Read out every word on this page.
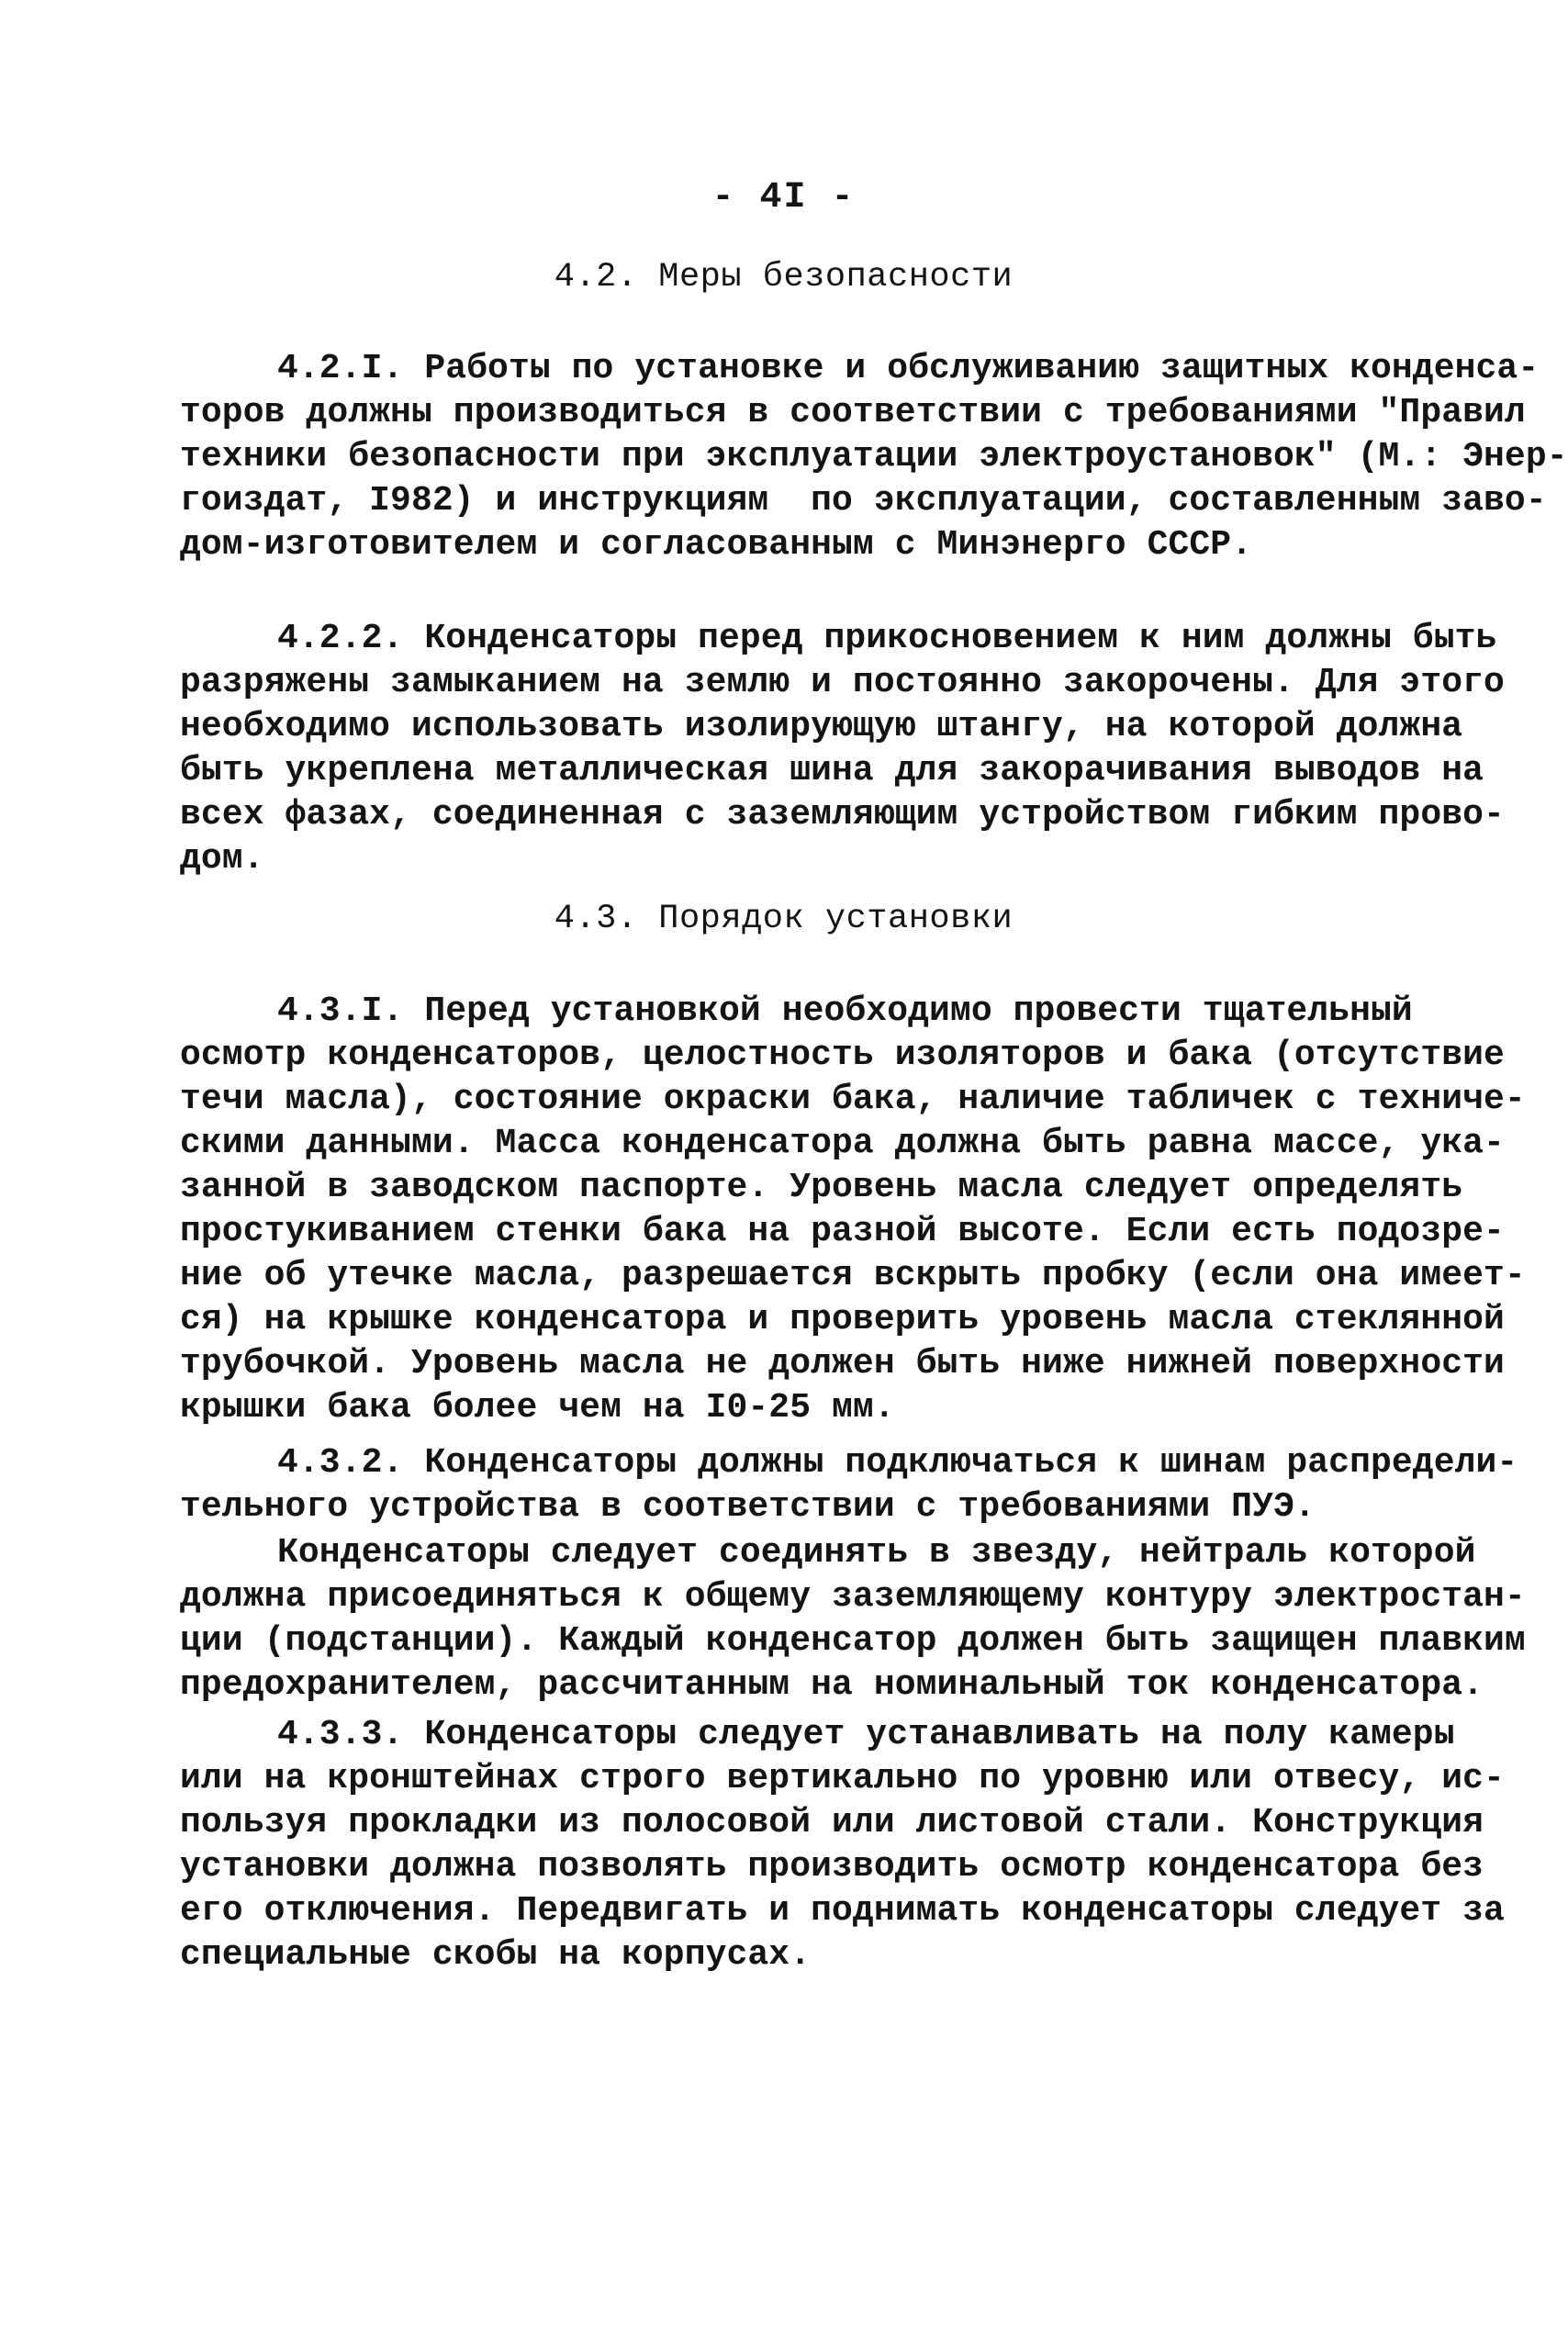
- 4I -
4.2. Меры безопасности
4.2.I. Работы по установке и обслуживанию защитных конденса-
торов должны производиться в соответствии с требованиями "Правил
техники безопасности при эксплуатации электроустановок" (М.: Энер-
гоиздат, I982) и инструкциям  по эксплуатации, составленным заво-
дом-изготовителем и согласованным с Минэнерго СССР.
4.2.2. Конденсаторы перед прикосновением к ним должны быть
разряжены замыканием на землю и постоянно закорочены. Для этого
необходимо использовать изолирующую штангу, на которой должна
быть укреплена металлическая шина для закорачивания выводов на
всех фазах, соединенная с заземляющим устройством гибким прово-
дом.
4.3. Порядок установки
4.3.I. Перед установкой необходимо провести тщательный
осмотр конденсаторов, целостность изоляторов и бака (отсутствие
течи масла), состояние окраски бака, наличие табличек с техниче-
скими данными. Масса конденсатора должна быть равна массе, ука-
занной в заводском паспорте. Уровень масла следует определять
простукиванием стенки бака на разной высоте. Если есть подозре-
ние об утечке масла, разрешается вскрыть пробку (если она имеет-
ся) на крышке конденсатора и проверить уровень масла стеклянной
трубочкой. Уровень масла не должен быть ниже нижней поверхности
крышки бака более чем на I0-25 мм.
4.3.2. Конденсаторы должны подключаться к шинам распредели-
тельного устройства в соответствии с требованиями ПУЭ.
Конденсаторы следует соединять в звезду, нейтраль которой
должна присоединяться к общему заземляющему контуру электростан-
ции (подстанции). Каждый конденсатор должен быть защищен плавким
предохранителем, рассчитанным на номинальный ток конденсатора.
4.3.3. Конденсаторы следует устанавливать на полу камеры
или на кронштейнах строго вертикально по уровню или отвесу, ис-
пользуя прокладки из полосовой или листовой стали. Конструкция
установки должна позволять производить осмотр конденсатора без
его отключения. Передвигать и поднимать конденсаторы следует за
специальные скобы на корпусах.
